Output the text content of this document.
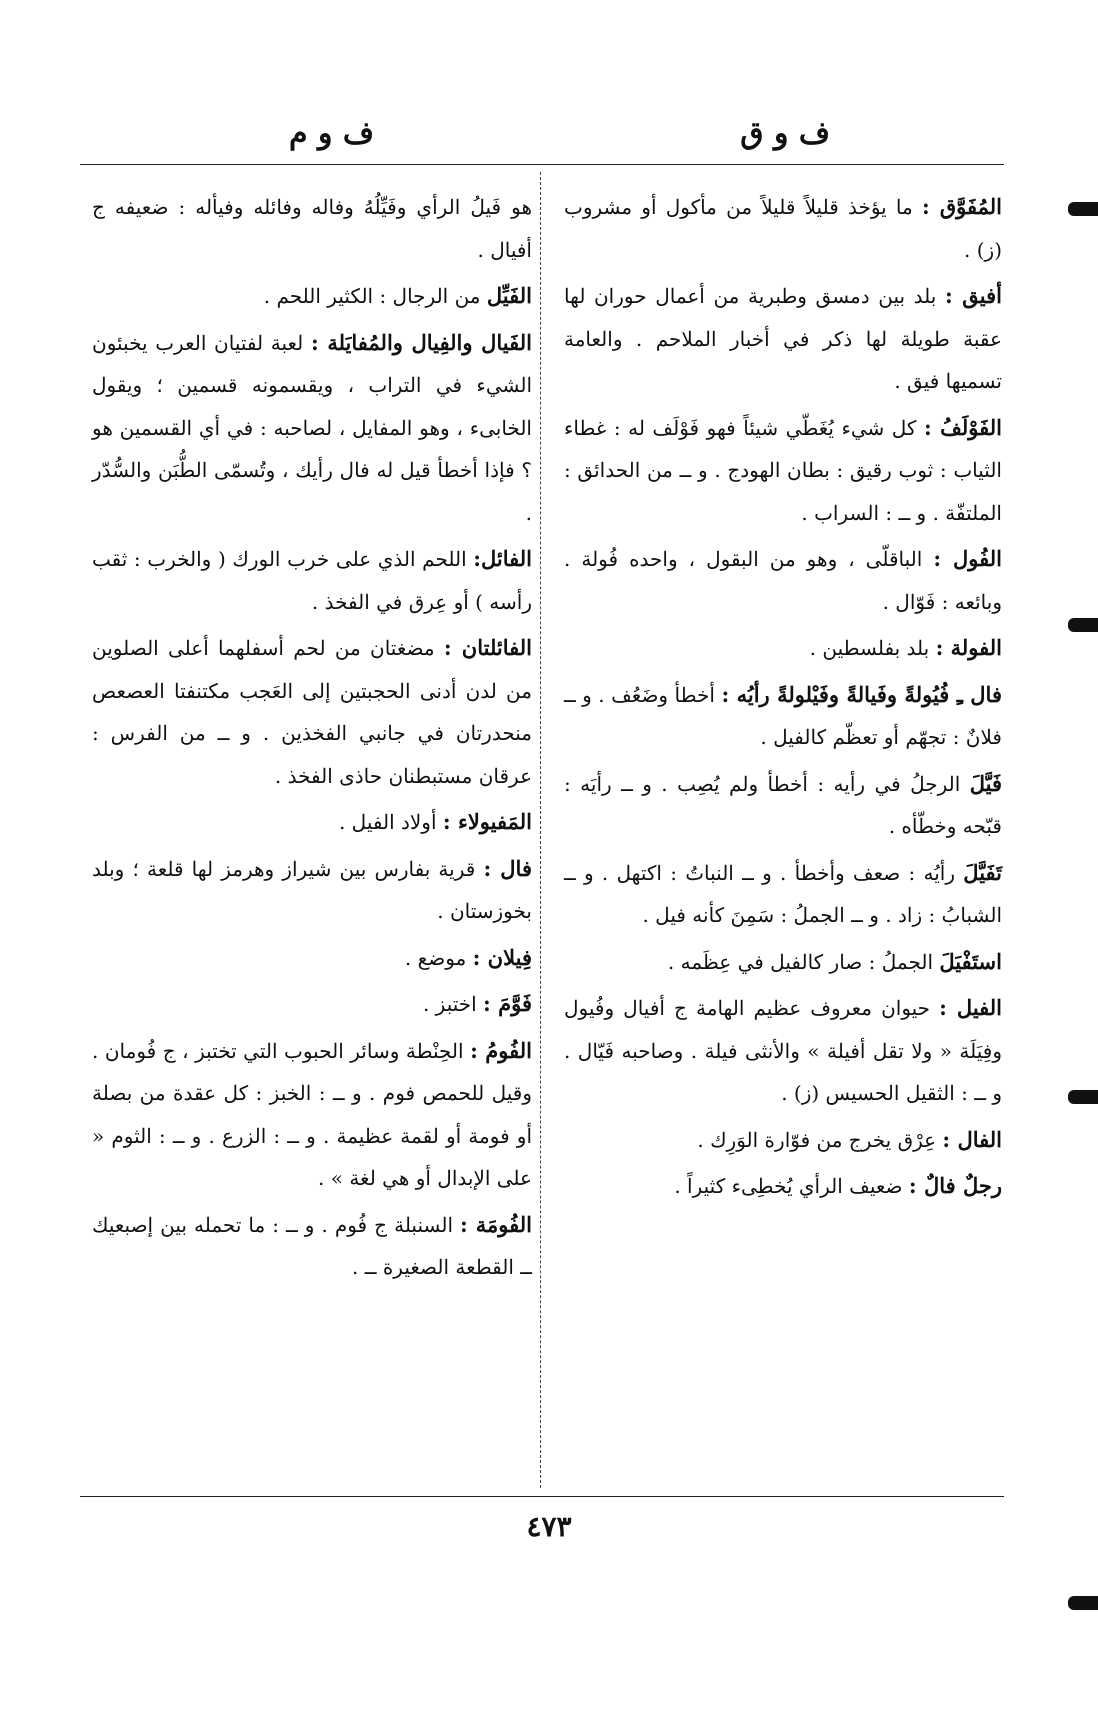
ف و ق
ف و م

المُفَوَّق : ما يؤخذ قليلاً قليلاً من مأكول أو مشروب (ز) .

أفيق : بلد بين دمسق وطبرية من أعمال حوران لها عقبة طويلة لها ذكر في أخبار الملاحم . والعامة تسميها فيق .

الفَوْلَفُ : كل شيء يُغَطّي شيئاً فهو فَوْلَف له : غطاء الثياب : ثوب رقيق : بطان الهودج . و ــ من الحدائق : الملتفّة . و ــ : السراب .

الفُول : الباقلّى ، وهو من البقول ، واحده فُولة . وبائعه : فَوّال .

الفولة : بلد بفلسطين .

فال ـِ فُيُولةً وفَيالةً وفَيْلولةً رأيُه : أخطأ وضَعُف . و ــ فلانٌ : تجهّم أو تعظّم كالفيل .

فَيَّلَ الرجلُ في رأيه : أخطأ ولم يُصِب . و ــ رأيَه : قبّحه وخطّأه .

تَفَيَّلَ رأيُه : صعف وأخطأ . و ــ النباتُ : اكتهل . و ــ الشبابُ : زاد . و ــ الجملُ : سَمِنَ كأنه فيل .

استَفْيَلَ الجملُ : صار كالفيل في عِظَمه .

الفيل : حيوان معروف عظيم الهامة ج أفيال وفُيول وفِيَلَة « ولا تقل أفيلة » والأنثى فيلة . وصاحبه فَيّال . و ــ : الثقيل الحسيس (ز) .

الفال : عِرْق يخرج من فوّارة الوَرِك .

رجلٌ فالٌ : ضعيف الرأي يُخطِىء كثيراً .

هو فَيلُ الرأي وفَيِّلُهُ وفاله وفائله وفيأله : ضعيفه ج أفيال .

الفَيِّل من الرجال : الكثير اللحم .

الفَيال والفِيال والمُفايَلة : لعبة لفتيان العرب يخبئون الشيء في التراب ، ويقسمونه قسمين ؛ ويقول الخابىء ، وهو المفايل ، لصاحبه : في أي القسمين هو ؟ فإذا أخطأ قيل له فال رأيك ، وتُسمّى الطُّبَن والسُّدّر .

الفائل: اللحم الذي على خرب الورك ( والخرب : ثقب رأسه ) أو عِرق في الفخذ .

الفائلتان : مضغتان من لحم أسفلهما أعلى الصلوين من لدن أدنى الحجبتين إلى العَجب مكتنفتا العصعص منحدرتان في جانبي الفخذين . و ــ من الفرس : عرقان مستبطنان حاذى الفخذ .

المَفيولاء : أولاد الفيل .

فال : قرية بفارس بين شيراز وهرمز لها قلعة ؛ وبلد بخوزستان .

فِيلان : موضع .

فَوَّمَ : اختبز .

الفُومُ : الحِنْطة وسائر الحبوب التي تختبز ، ج فُومان . وقيل للحمص فوم . و ــ : الخبز : كل عقدة من بصلة أو فومة أو لقمة عظيمة . و ــ : الزرع . و ــ : الثوم « على الإبدال أو هي لغة » .

الفُومَة : السنبلة ج فُوم . و ــ : ما تحمله بين إصبعيك ــ القطعة الصغيرة ــ .

٤٧٣
